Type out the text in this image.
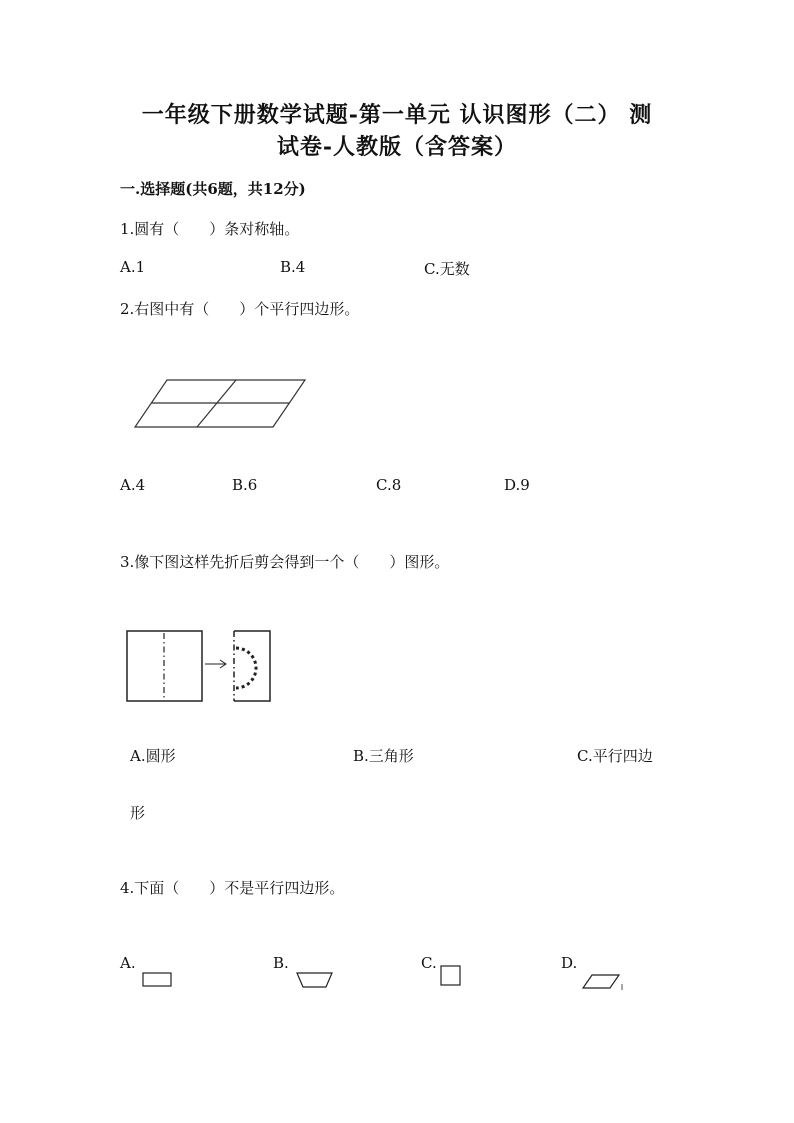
一年级下册数学试题-第一单元 认识图形（二） 测
试卷-人教版（含答案）
一.选择题(共6题，共12分)
1.圆有（　　）条对称轴。
A.1	B.4	C.无数
2.右图中有（　　）个平行四边形。
A.4	B.6	C.8	D.9
3.像下图这样先折后剪会得到一个（　　）图形。
A.圆形	B.三角形	C.平行四边
形
4.下面（　　）不是平行四边形。
A.	B.	C.	D.
